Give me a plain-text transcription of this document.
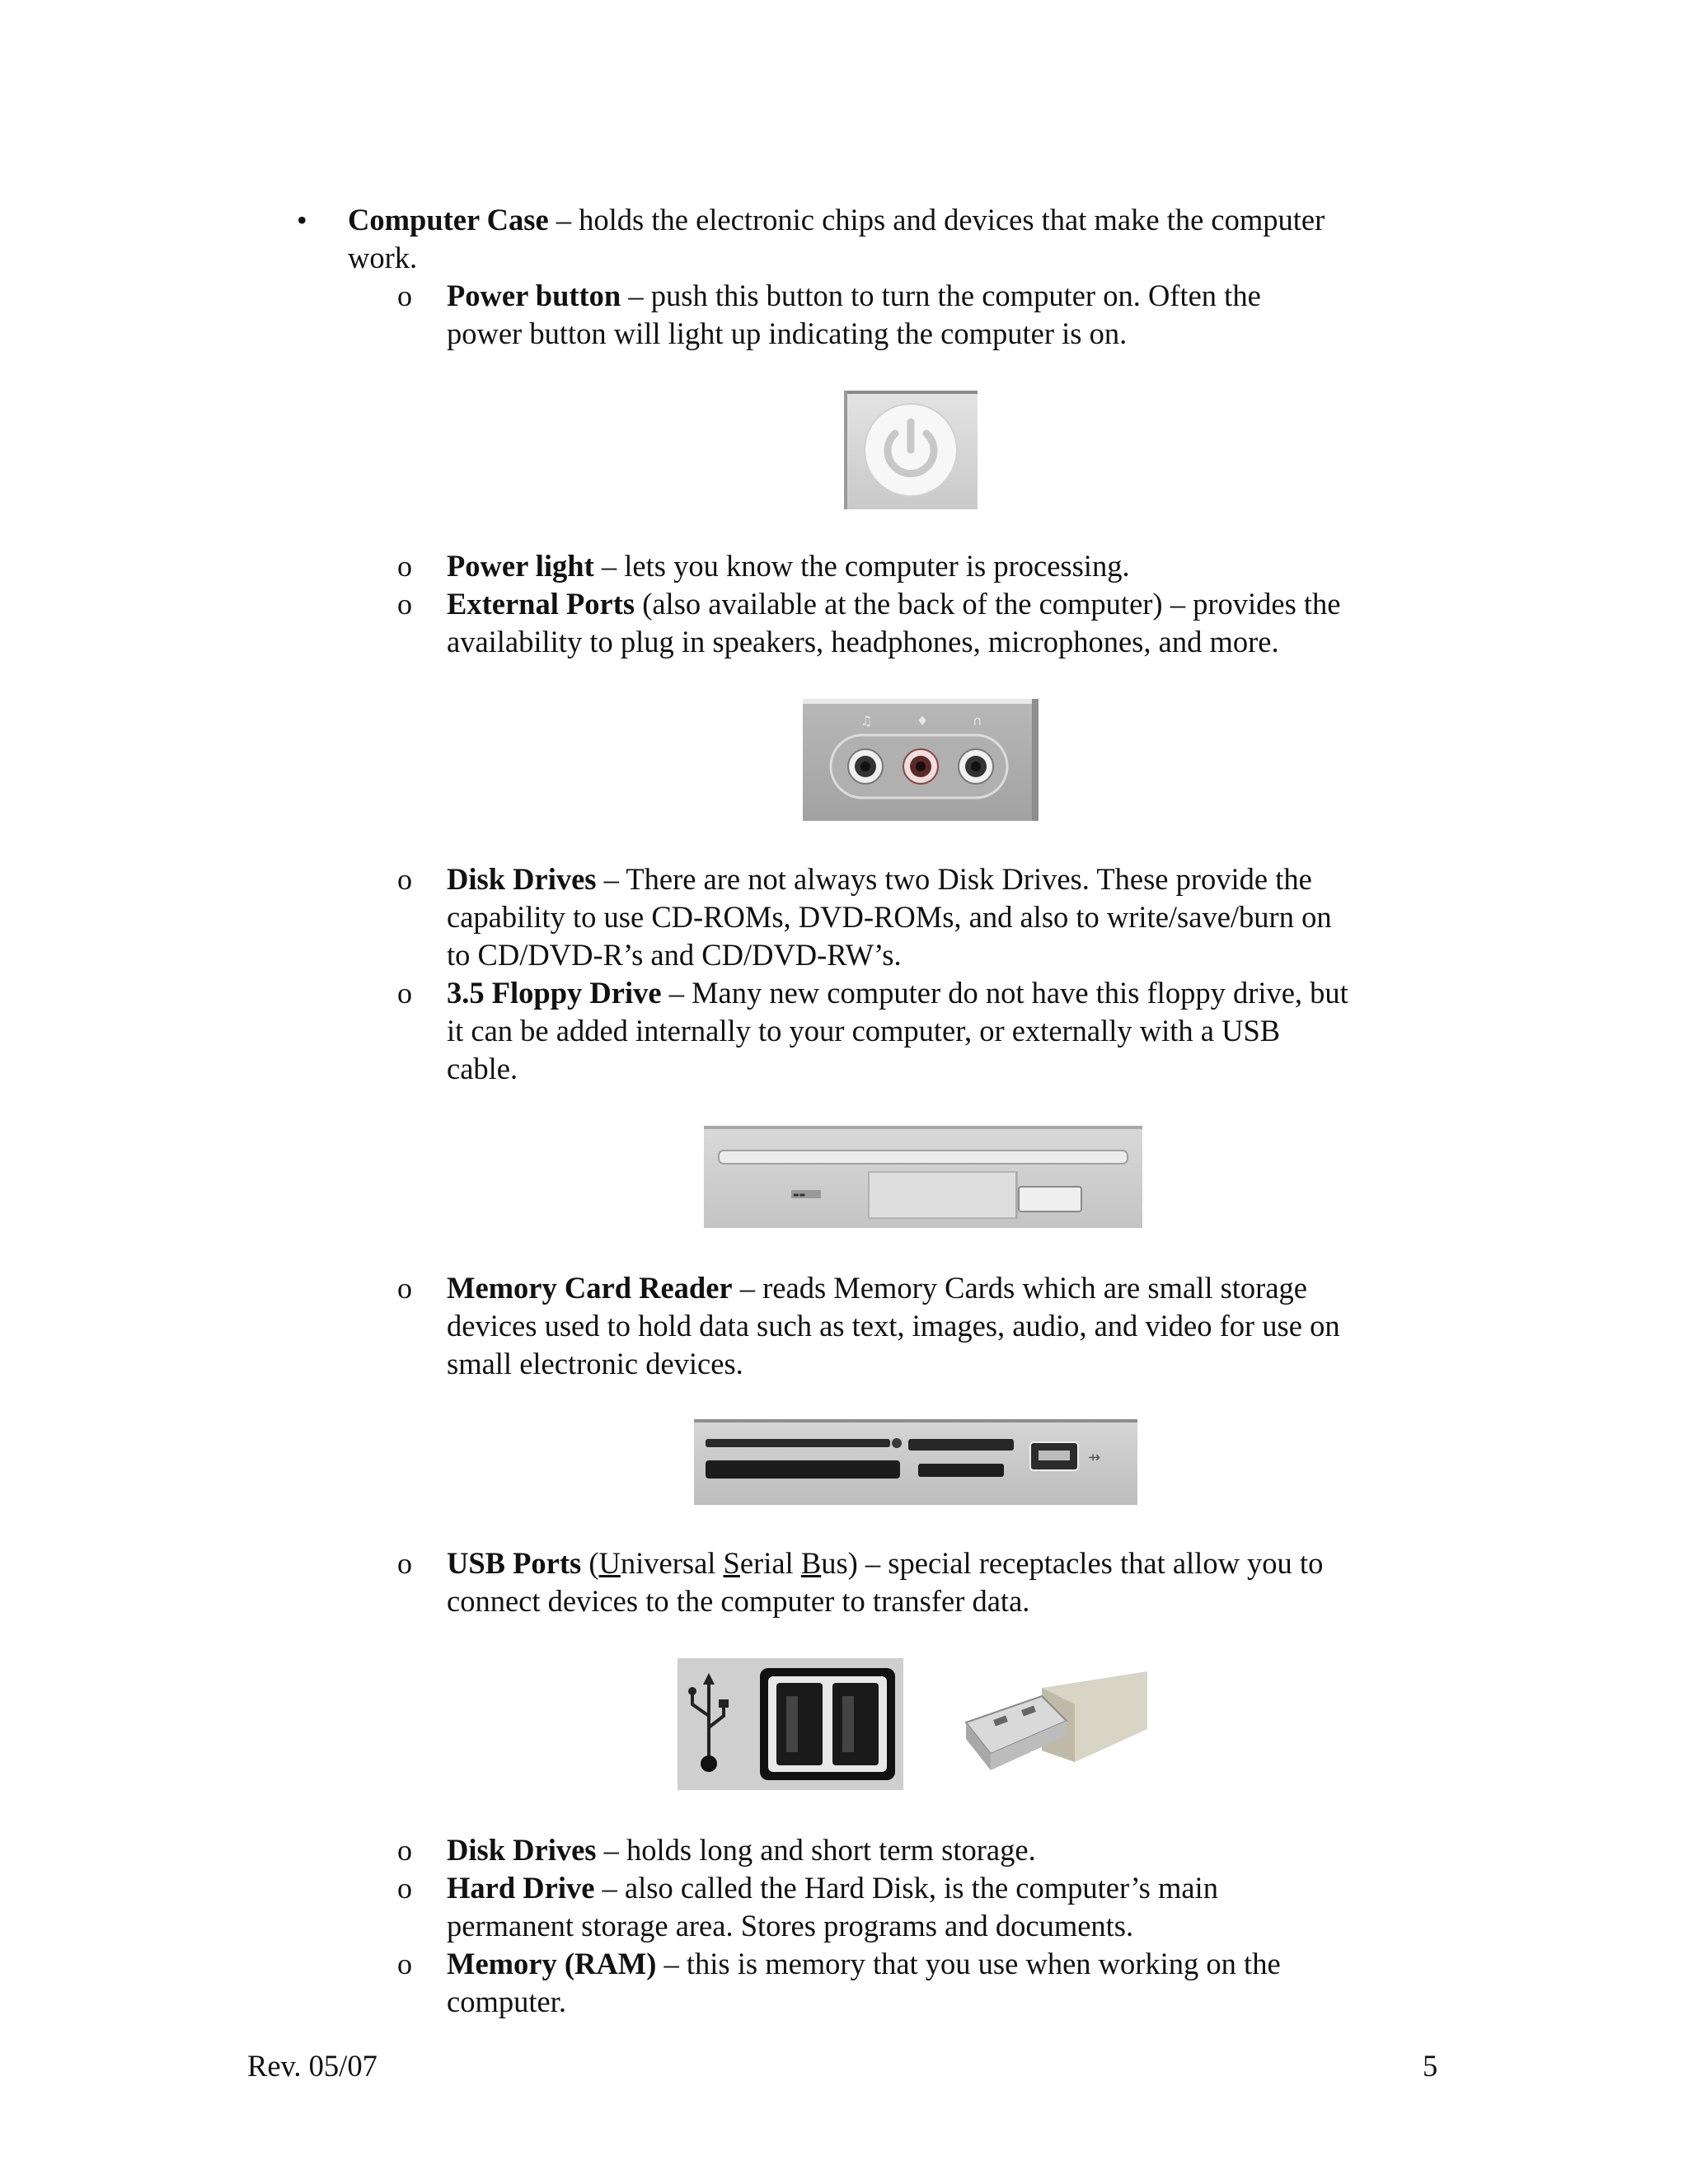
• Computer Case – holds the electronic chips and devices that make the computer
work.
o Power button – push this button to turn the computer on. Often the
power button will light up indicating the computer is on.
o Power light – lets you know the computer is processing.
o External Ports (also available at the back of the computer) – provides the
availability to plug in speakers, headphones, microphones, and more.
♫	♦	∩
o Disk Drives – There are not always two Disk Drives. These provide the
capability to use CD-ROMs, DVD-ROMs, and also to write/save/burn on
to CD/DVD-R’s and CD/DVD-RW’s.
o 3.5 Floppy Drive – Many new computer do not have this floppy drive, but
it can be added internally to your computer, or externally with a USB
cable.
▬▬
o Memory Card Reader – reads Memory Cards which are small storage
devices used to hold data such as text, images, audio, and video for use on
small electronic devices.
⇸
o USB Ports (Universal Serial Bus) – special receptacles that allow you to
connect devices to the computer to transfer data.
o Disk Drives – holds long and short term storage.
o Hard Drive – also called the Hard Disk, is the computer’s main
permanent storage area. Stores programs and documents.
o Memory (RAM) – this is memory that you use when working on the
computer.
Rev. 05/07	5
